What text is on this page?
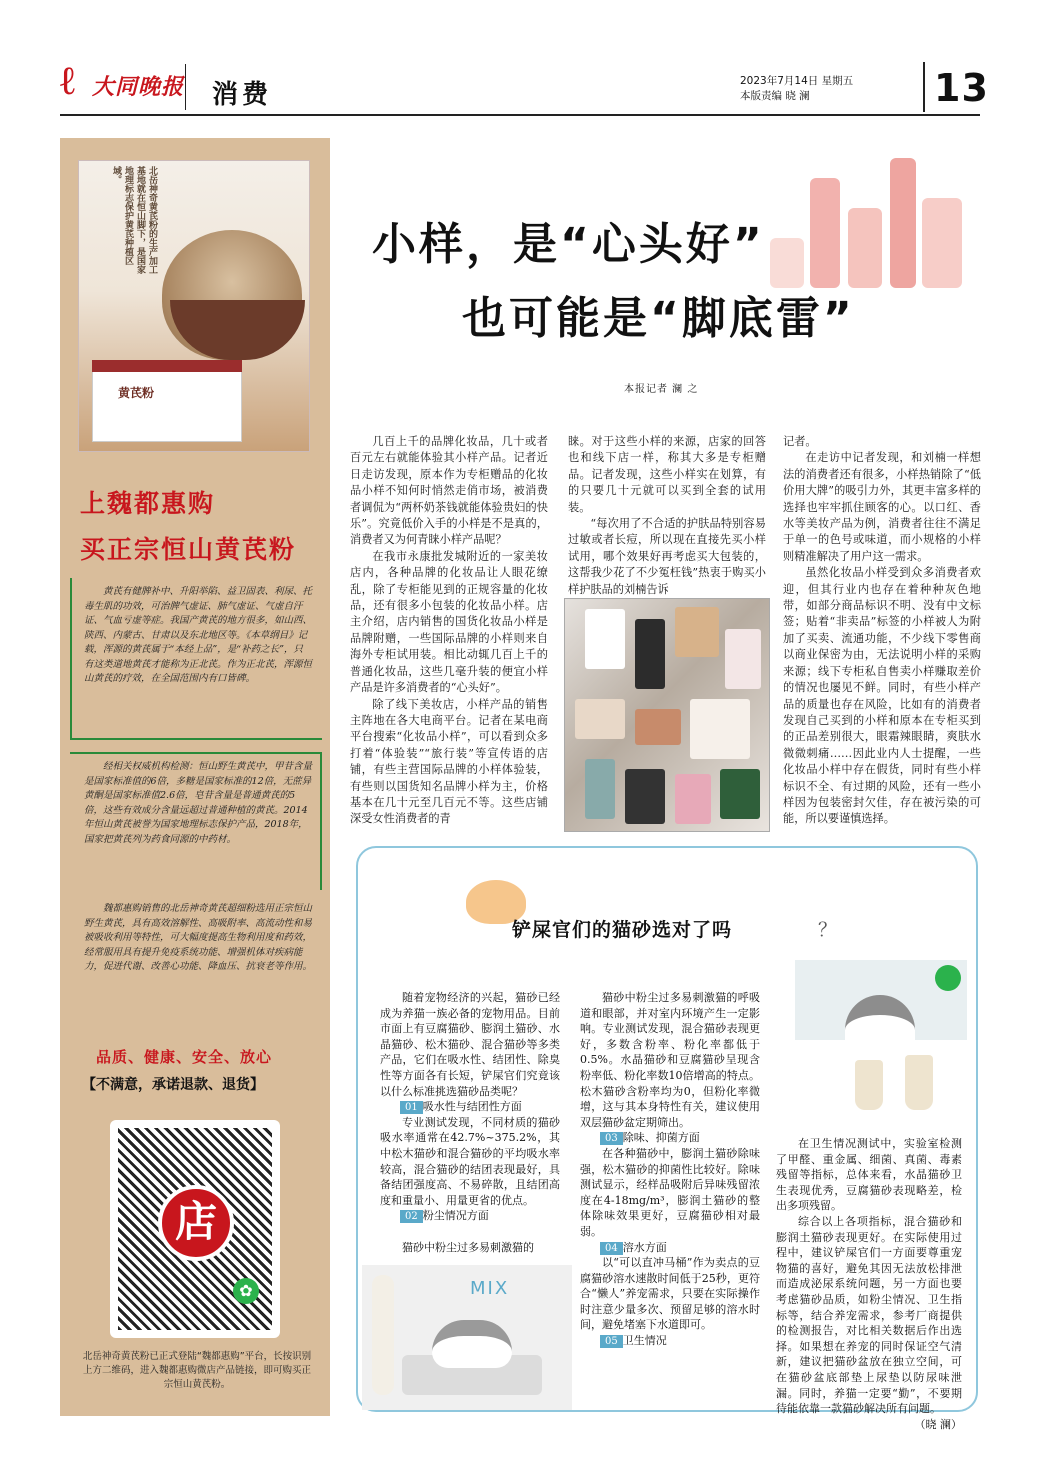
ℓ 大同晚报 消费	2023年7月14日 星期五
本版责编 晓 澜	13
北岳神奇黄芪粉的生产加工基地就在恒山脚下，是国家地理标志保护黄芪种植区域。
黄芪粉
上魏都惠购
买正宗恒山黄芪粉
黄芪有健脾补中、升阳举陷、益卫固表、利尿、托毒生肌的功效，可治脾气虚证、肺气虚证、气虚自汗证、气血亏虚等症。我国产黄芪的地方很多，如山西、陕西、内蒙古、甘肃以及东北地区等。《本草纲目》记载，浑源的黄芪属于“本经上品”，是“补药之长”，只有这类道地黄芪才能称为正北芪。作为正北芪，浑源恒山黄芪的疗效，在全国范围内有口皆碑。
经相关权威机构检测：恒山野生黄芪中，甲苷含量是国家标准值的6倍，多糖是国家标准的12倍，无蔗异黄酮是国家标准值2.6倍，皂苷含量是普通黄芪的5倍，这些有效成分含量远超过普通种植的黄芪。2014年恒山黄芪被誉为国家地理标志保护产品，2018年，国家把黄芪列为药食同源的中药材。
魏都惠购销售的北岳神奇黄芪超细粉选用正宗恒山野生黄芪，具有高效溶解性、高吸附率、高流动性和易被吸收利用等特性，可大幅度提高生物利用度和药效，经常服用具有提升免疫系统功能、增强机体对疾病能力，促进代谢、改善心功能、降血压、抗衰老等作用。
品质、健康、安全、放心
【不满意，承诺退款、退货】
店
✿
北岳神奇黄芪粉已正式登陆“魏都惠购”平台，长按识别上方二维码，进入魏都惠购微店产品链接，即可购买正宗恒山黄芪粉。
小样，是“心头好”
也可能是“脚底雷”
本报记者 澜 之

几百上千的品牌化妆品，几十或者百元左右就能体验其小样产品。记者近日走访发现，原本作为专柜赠品的化妆品小样不知何时悄然走俏市场，被消费者调侃为“两杯奶茶钱就能体验贵妇的快乐”。究竟低价入手的小样是不是真的，消费者又为何青睐小样产品呢？

在我市永康批发城附近的一家美妆店内，各种品牌的化妆品让人眼花缭乱，除了专柜能见到的正规容量的化妆品，还有很多小包装的化妆品小样。店主介绍，店内销售的国货化妆品小样是品牌附赠，一些国际品牌的小样则来自海外专柜试用装。相比动辄几百上千的普通化妆品，这些几毫升装的便宜小样产品是许多消费者的“心头好”。

除了线下美妆店，小样产品的销售主阵地在各大电商平台。记者在某电商平台搜索“化妆品小样”，可以看到众多打着“体验装”“旅行装”等宣传语的店铺，有些主营国际品牌的小样体验装，有些则以国货知名品牌小样为主，价格基本在几十元至几百元不等。这些店铺深受女性消费者的青

睐。对于这些小样的来源，店家的回答也和线下店一样，称其大多是专柜赠品。记者发现，这些小样实在划算，有的只要几十元就可以买到全套的试用装。

“每次用了不合适的护肤品特别容易过敏或者长痘，所以现在直接先买小样试用，哪个效果好再考虑买大包装的，这帮我少花了不少冤枉钱”热衷于购买小样护肤品的刘楠告诉

记者。

在走访中记者发现，和刘楠一样想法的消费者还有很多，小样热销除了“低价用大牌”的吸引力外，其更丰富多样的选择也牢牢抓住顾客的心。以口红、香水等美妆产品为例，消费者往往不满足于单一的色号或味道，而小规格的小样则精准解决了用户这一需求。

虽然化妆品小样受到众多消费者欢迎，但其行业内也存在着种种灰色地带，如部分商品标识不明、没有中文标签；贴着“非卖品”标签的小样被人为附加了买卖、流通功能，不少线下零售商以商业保密为由，无法说明小样的采购来源；线下专柜私自售卖小样赚取差价的情况也屡见不鲜。同时，有些小样产品的质量也存在风险，比如有的消费者发现自己买到的小样和原本在专柜买到的正品差别很大，眼霜辣眼睛，爽肤水微微刺痛……因此业内人士提醒，一些化妆品小样中存在假货，同时有些小样标识不全、有过期的风险，还有一些小样因为包装密封欠佳，存在被污染的可能，所以要谨慎选择。

铲屎官们的猫砂选对了吗	？

随着宠物经济的兴起，猫砂已经成为养猫一族必备的宠物用品。目前市面上有豆腐猫砂、膨润土猫砂、水晶猫砂、松木猫砂、混合猫砂等多类产品，它们在吸水性、结团性、除臭性等方面各有长短，铲屎官们究竟该以什么标准挑选猫砂品类呢？

01 吸水性与结团性方面

专业测试发现，不同材质的猫砂吸水率通常在42.7%~375.2%，其中松木猫砂和混合猫砂的平均吸水率较高，混合猫砂的结团表现最好，具备结团强度高、不易碎散，且结团高度和重量小、用量更省的优点。

02 粉尘情况方面

猫砂中粉尘过多易刺激猫的

MIX

猫砂中粉尘过多易刺激猫的呼吸道和眼部，并对室内环境产生一定影响。专业测试发现，混合猫砂表现更好，多数含粉率、粉化率都低于0.5%。水晶猫砂和豆腐猫砂呈现含粉率低、粉化率数10倍增高的特点。松木猫砂含粉率均为0，但粉化率微增，这与其本身特性有关，建议使用双层猫砂盆定期筛出。

03 除味、抑菌方面

在各种猫砂中，膨润土猫砂除味强，松木猫砂的抑菌性比较好。除味测试显示，经样品吸附后异味残留浓度在4-18mg/m³，膨润土猫砂的整体除味效果更好，豆腐猫砂相对最弱。

04 溶水方面

以“可以直冲马桶”作为卖点的豆腐猫砂溶水速散时间低于25秒，更符合“懒人”养宠需求，只要在实际操作时注意少量多次、预留足够的溶水时间，避免堵塞下水道即可。

05 卫生情况

在卫生情况测试中，实验室检测了甲醛、重金属、细菌、真菌、毒素残留等指标，总体来看，水晶猫砂卫生表现优秀，豆腐猫砂表现略差，检出多项残留。

综合以上各项指标，混合猫砂和膨润土猫砂表现更好。在实际使用过程中，建议铲屎官们一方面要尊重宠物猫的喜好，避免其因无法放松排泄而造成泌尿系统问题，另一方面也要考虑猫砂品质，如粉尘情况、卫生指标等，结合养宠需求，参考厂商提供的检测报告，对比相关数据后作出选择。如果想在养宠的同时保证空气清新，建议把猫砂盆放在独立空间，可在猫砂盆底部垫上尿垫以防尿味泄漏。同时，养猫一定要“勤”，不要期待能依靠一款猫砂解决所有问题。

（晓 澜）
